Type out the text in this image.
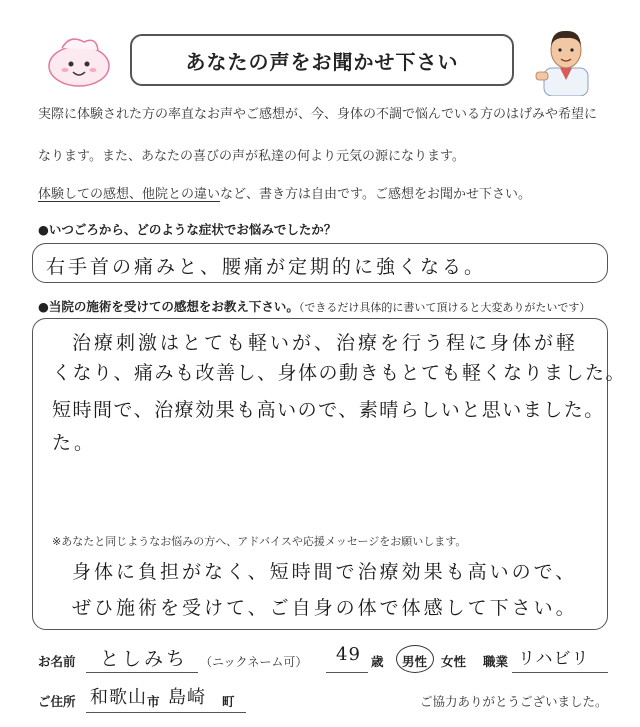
あなたの声をお聞かせ下さい
実際に体験された方の率直なお声やご感想が、今、身体の不調で悩んでいる方のはげみや希望に
なります。また、あなたの喜びの声が私達の何より元気の源になります。
体験しての感想、他院との違いなど、書き方は自由です。ご感想をお聞かせ下さい。
●いつごろから、どのような症状でお悩みでしたか？
右手首の痛みと、腰痛が定期的に強くなる。
●当院の施術を受けての感想をお教え下さい。（できるだけ具体的に書いて頂けると大変ありがたいです）
治療刺激はとても軽いが、治療を行う程に身体が軽
くなり、痛みも改善し、身体の動きもとても軽くなりました。
短時間で、治療効果も高いので、素晴らしいと思いました。
た。
※あなたと同じようなお悩みの方へ、アドバイスや応援メッセージをお願いします。
身体に負担がなく、短時間で治療効果も高いので、
ぜひ施術を受けて、ご自身の体で体感して下さい。
お名前 としみち （ニックネーム可） 49 歳 男性 女性 職業 リハビリ
ご住所 和歌山 市 島崎 町	ご協力ありがとうございました。
